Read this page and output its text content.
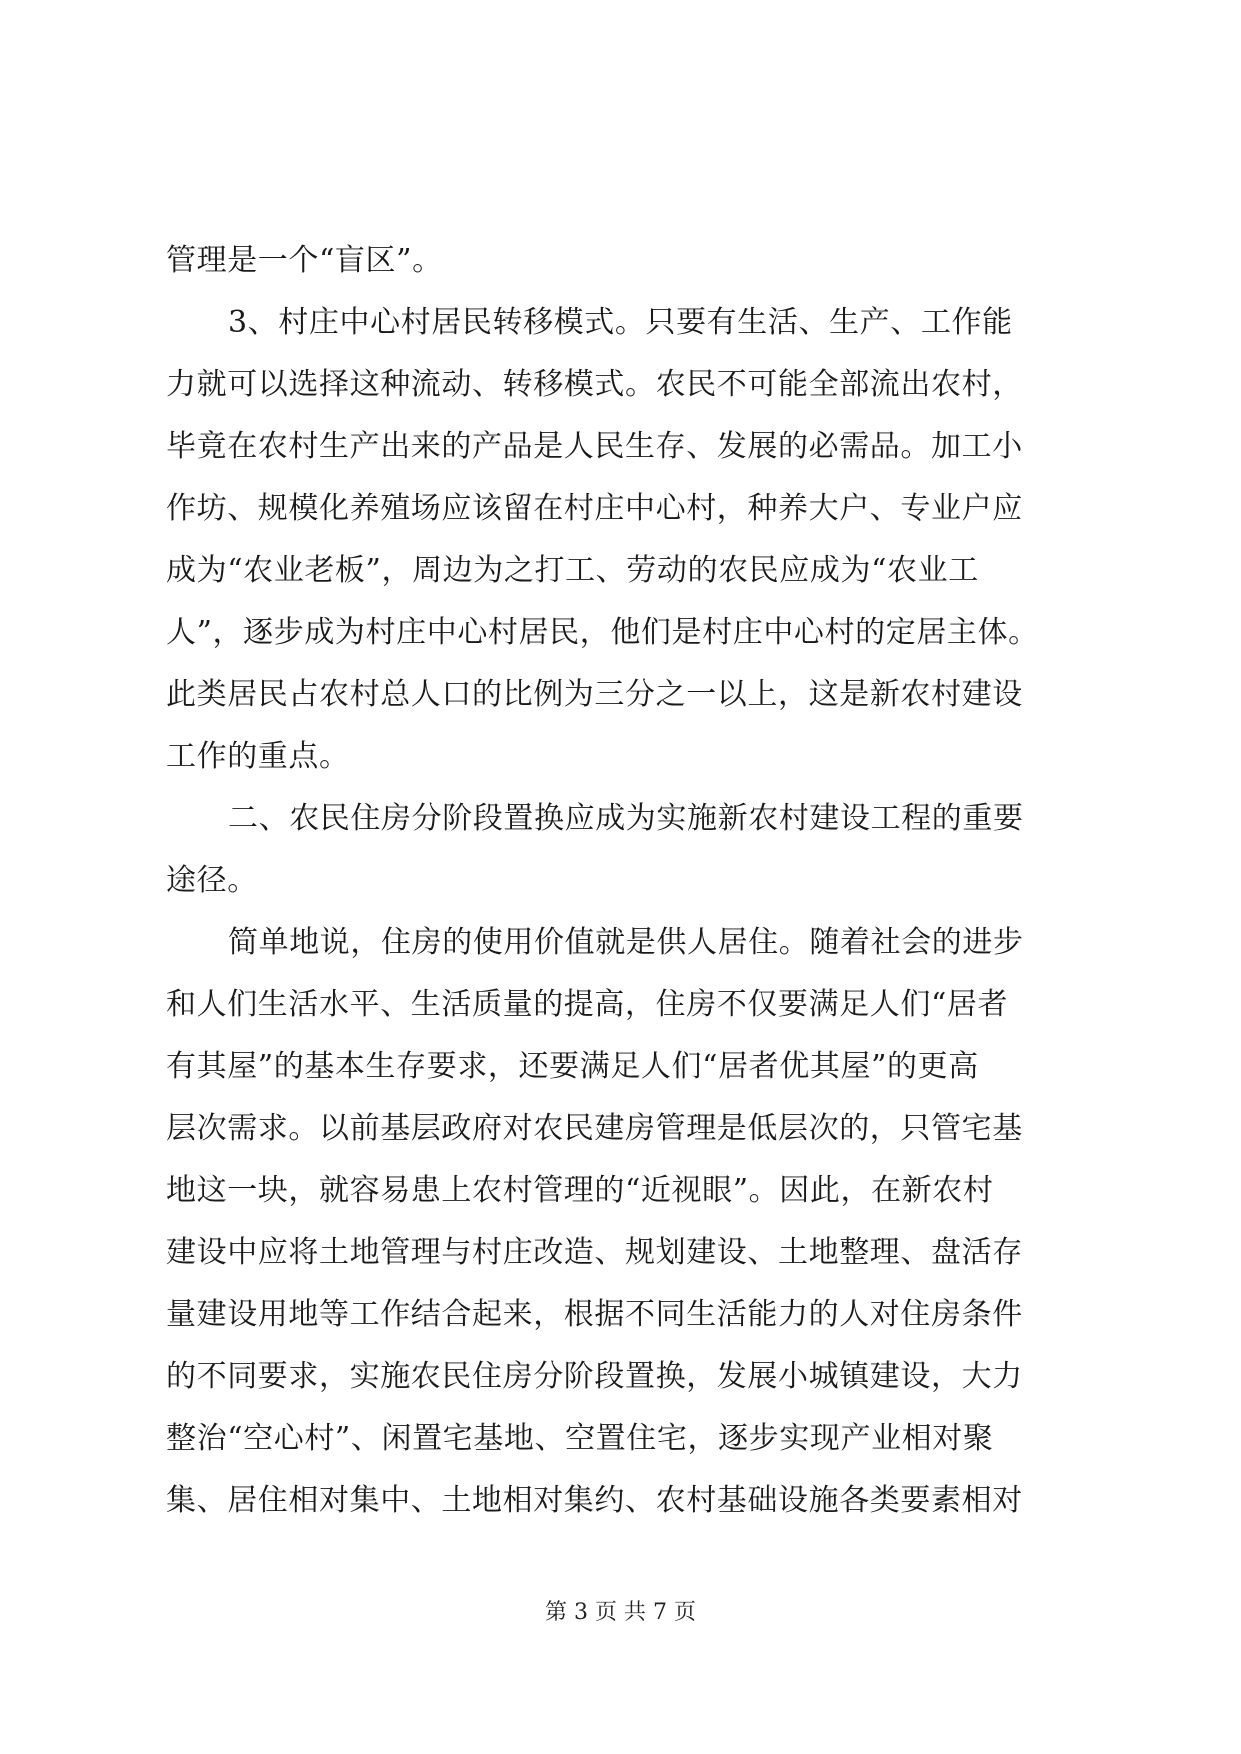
管理是一个“盲区”。
3、村庄中心村居民转移模式。只要有生活、生产、工作能
力就可以选择这种流动、转移模式。农民不可能全部流出农村，
毕竟在农村生产出来的产品是人民生存、发展的必需品。加工小
作坊、规模化养殖场应该留在村庄中心村，种养大户、专业户应
成为“农业老板”，周边为之打工、劳动的农民应成为“农业工
人”，逐步成为村庄中心村居民，他们是村庄中心村的定居主体。
此类居民占农村总人口的比例为三分之一以上，这是新农村建设
工作的重点。
二、农民住房分阶段置换应成为实施新农村建设工程的重要
途径。
简单地说，住房的使用价值就是供人居住。随着社会的进步
和人们生活水平、生活质量的提高，住房不仅要满足人们“居者
有其屋”的基本生存要求，还要满足人们“居者优其屋”的更高
层次需求。以前基层政府对农民建房管理是低层次的，只管宅基
地这一块，就容易患上农村管理的“近视眼”。因此，在新农村
建设中应将土地管理与村庄改造、规划建设、土地整理、盘活存
量建设用地等工作结合起来，根据不同生活能力的人对住房条件
的不同要求，实施农民住房分阶段置换，发展小城镇建设，大力
整治“空心村”、闲置宅基地、空置住宅，逐步实现产业相对聚
集、居住相对集中、土地相对集约、农村基础设施各类要素相对
第 3 页 共 7 页
